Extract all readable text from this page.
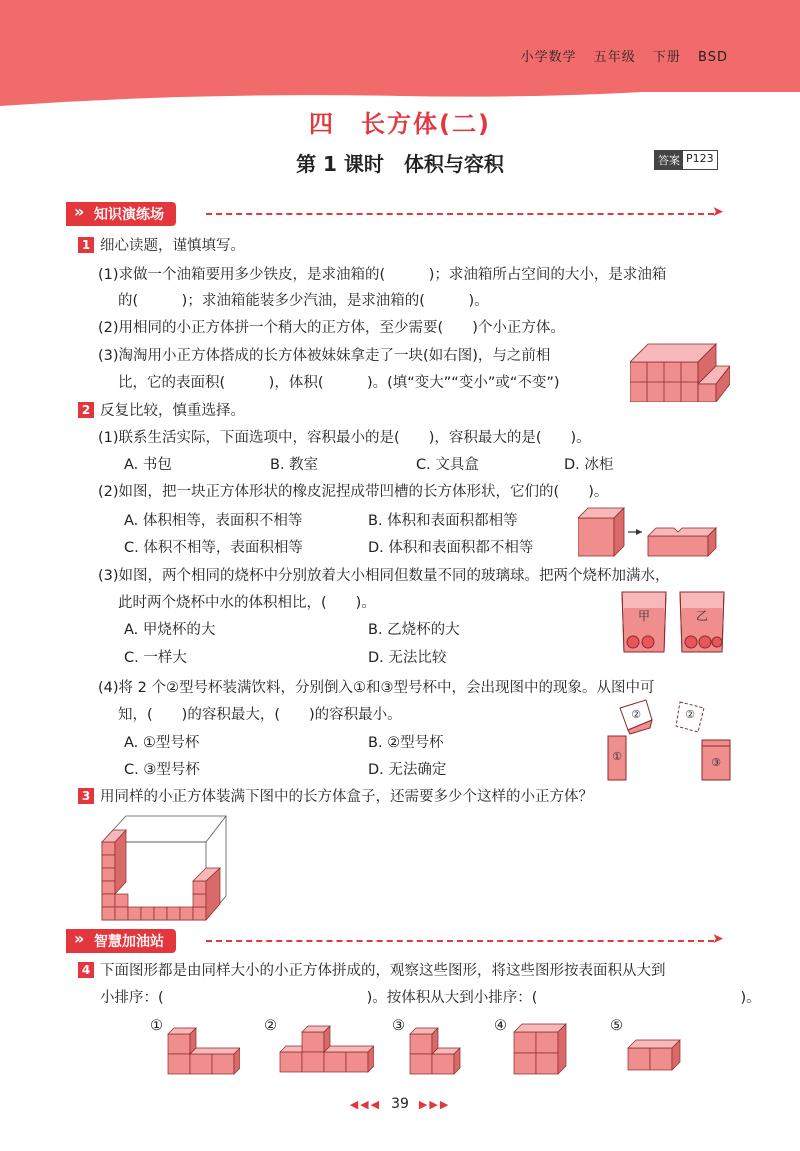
小学数学 五年级 下册 BSD
四　长方体(二)
第 1 课时　体积与容积	答案 P123
» 知识演练场	➤
1 细心读题，谨慎填写。
(1)求做一个油箱要用多少铁皮，是求油箱的(　　　)；求油箱所占空间的大小，是求油箱
的(　　　)；求油箱能装多少汽油，是求油箱的(　　　)。
(2)用相同的小正方体拼一个稍大的正方体，至少需要(　　)个小正方体。
(3)淘淘用小正方体搭成的长方体被妹妹拿走了一块(如右图)，与之前相
比，它的表面积(　　　)，体积(　　　)。(填“变大”“变小”或“不变”)
2 反复比较，慎重选择。
(1)联系生活实际，下面选项中，容积最小的是(　　)，容积最大的是(　　)。
A. 书包	B. 教室	C. 文具盒	D. 冰柜
(2)如图，把一块正方体形状的橡皮泥捏成带凹槽的长方体形状，它们的(　　)。
A. 体积相等，表面积不相等	B. 体积和表面积都相等
C. 体积不相等，表面积相等	D. 体积和表面积都不相等
(3)如图，两个相同的烧杯中分别放着大小相同但数量不同的玻璃球。把两个烧杯加满水，
此时两个烧杯中水的体积相比，(　　)。
A. 甲烧杯的大	B. 乙烧杯的大
C. 一样大	D. 无法比较
甲	乙
(4)将 2 个②型号杯装满饮料，分别倒入①和③型号杯中，会出现图中的现象。从图中可
知，(　　)的容积最大，(　　)的容积最小。
A. ①型号杯	B. ②型号杯
C. ③型号杯	D. 无法确定
②	②
①	③
3 用同样的小正方体装满下图中的长方体盒子，还需要多少个这样的小正方体？
» 智慧加油站	➤
4 下面图形都是由同样大小的小正方体拼成的，观察这些图形，将这些图形按表面积从大到
小排序：(　　　　　　　　　　　　　　)。按体积从大到小排序：(　　　　　　　　　　　　　　)。
①	②	③	④	⑤
◀◀◀ 39 ▶▶▶
